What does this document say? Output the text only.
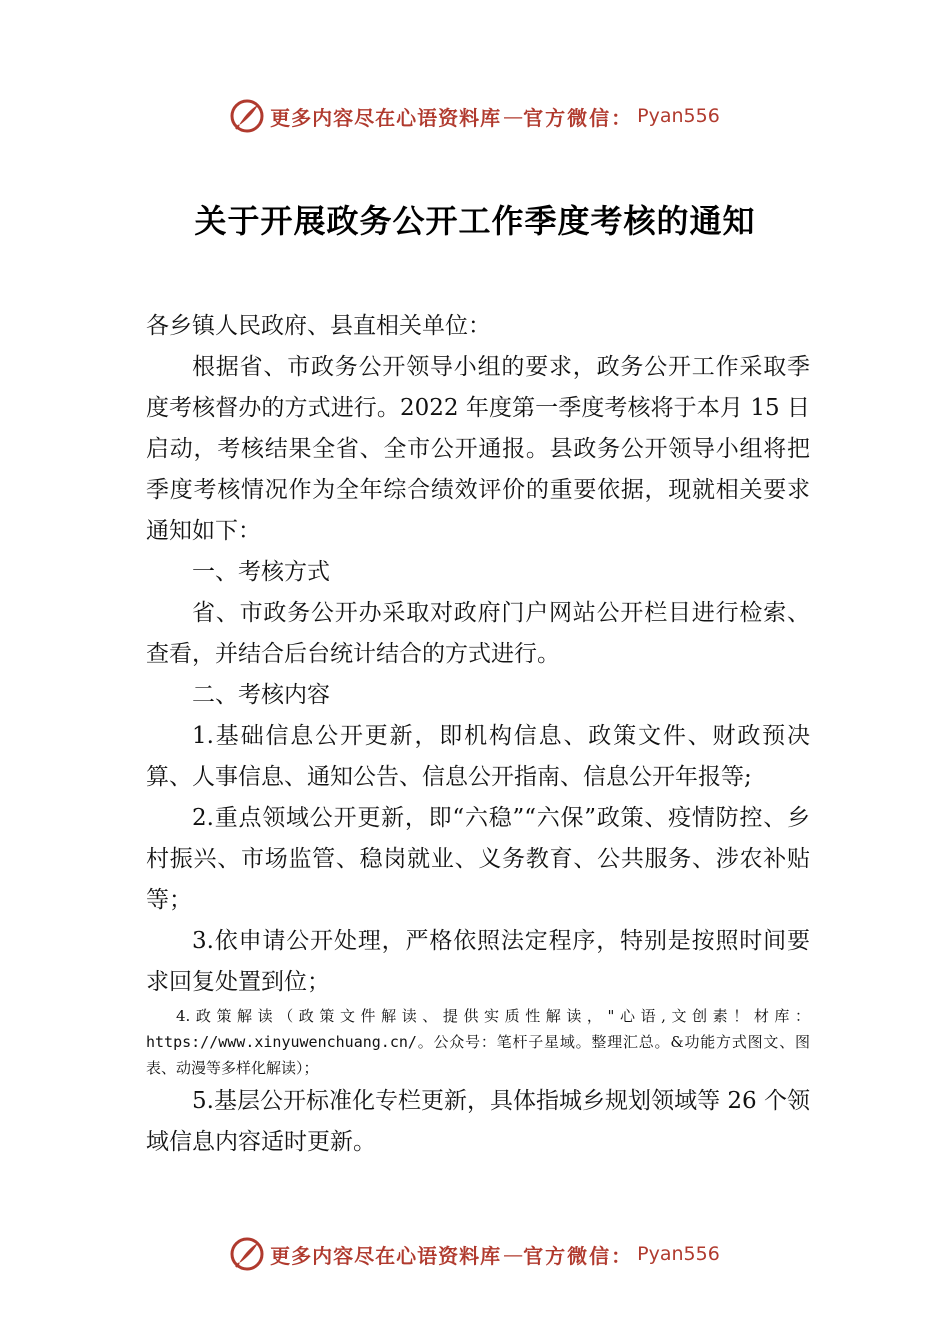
更多内容尽在心语资料库 — 官方微信： Pyan556
关于开展政务公开工作季度考核的通知

各乡镇人民政府、县直相关单位：

根据省、市政务公开领导小组的要求，政务公开工作采取季度考核督办的方式进行。2022 年度第一季度考核将于本月 15 日启动，考核结果全省、全市公开通报。县政务公开领导小组将把季度考核情况作为全年综合绩效评价的重要依据，现就相关要求通知如下：

一、考核方式

省、市政务公开办采取对政府门户网站公开栏目进行检索、查看，并结合后台统计结合的方式进行。

二、考核内容

1.基础信息公开更新，即机构信息、政策文件、财政预决算、人事信息、通知公告、信息公开指南、信息公开年报等;

2.重点领域公开更新，即“六稳”“六保”政策、疫情防控、乡村振兴、市场监管、稳岗就业、义务教育、公共服务、涉农补贴等；

3.依申请公开处理，严格依照法定程序，特别是按照时间要求回复处置到位；

4.政策解读（政策文件解读、提供实质性解读，"心语,文创素！材库：https://www.xinyuwenchuang.cn/。公众号：笔杆子星域。整理汇总。&功能方式图文、图表、动漫等多样化解读）；

5.基层公开标准化专栏更新，具体指城乡规划领域等 26 个领域信息内容适时更新。

更多内容尽在心语资料库 — 官方微信： Pyan556
